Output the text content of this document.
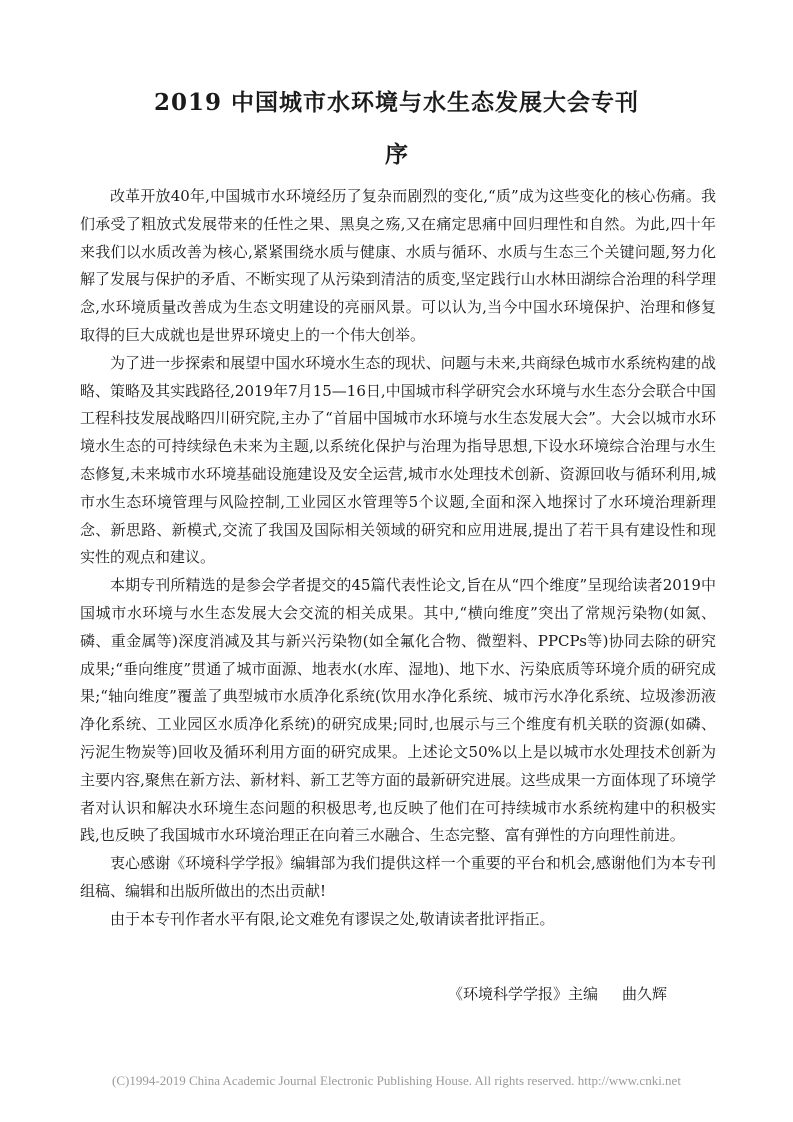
2019 中国城市水环境与水生态发展大会专刊
序

改革开放40年,中国城市水环境经历了复杂而剧烈的变化,“质”成为这些变化的核心伤痛。我们承受了粗放式发展带来的任性之果、黑臭之殇,又在痛定思痛中回归理性和自然。为此,四十年来我们以水质改善为核心,紧紧围绕水质与健康、水质与循环、水质与生态三个关键问题,努力化解了发展与保护的矛盾、不断实现了从污染到清洁的质变,坚定践行山水林田湖综合治理的科学理念,水环境质量改善成为生态文明建设的亮丽风景。可以认为,当今中国水环境保护、治理和修复取得的巨大成就也是世界环境史上的一个伟大创举。

为了进一步探索和展望中国水环境水生态的现状、问题与未来,共商绿色城市水系统构建的战略、策略及其实践路径,2019年7月15—16日,中国城市科学研究会水环境与水生态分会联合中国工程科技发展战略四川研究院,主办了“首届中国城市水环境与水生态发展大会”。大会以城市水环境水生态的可持续绿色未来为主题,以系统化保护与治理为指导思想,下设水环境综合治理与水生态修复,未来城市水环境基础设施建设及安全运营,城市水处理技术创新、资源回收与循环利用,城市水生态环境管理与风险控制,工业园区水管理等5个议题,全面和深入地探讨了水环境治理新理念、新思路、新模式,交流了我国及国际相关领域的研究和应用进展,提出了若干具有建设性和现实性的观点和建议。

本期专刊所精选的是参会学者提交的45篇代表性论文,旨在从“四个维度”呈现给读者2019中国城市水环境与水生态发展大会交流的相关成果。其中,“横向维度”突出了常规污染物(如氮、磷、重金属等)深度消减及其与新兴污染物(如全氟化合物、微塑料、PPCPs等)协同去除的研究成果;“垂向维度”贯通了城市面源、地表水(水库、湿地)、地下水、污染底质等环境介质的研究成果;“轴向维度”覆盖了典型城市水质净化系统(饮用水净化系统、城市污水净化系统、垃圾渗沥液净化系统、工业园区水质净化系统)的研究成果;同时,也展示与三个维度有机关联的资源(如磷、污泥生物炭等)回收及循环利用方面的研究成果。上述论文50%以上是以城市水处理技术创新为主要内容,聚焦在新方法、新材料、新工艺等方面的最新研究进展。这些成果一方面体现了环境学者对认识和解决水环境生态问题的积极思考,也反映了他们在可持续城市水系统构建中的积极实践,也反映了我国城市水环境治理正在向着三水融合、生态完整、富有弹性的方向理性前进。

衷心感谢《环境科学学报》编辑部为我们提供这样一个重要的平台和机会,感谢他们为本专刊组稿、编辑和出版所做出的杰出贡献!

由于本专刊作者水平有限,论文难免有谬误之处,敬请读者批评指正。

《环境科学学报》主编 曲久辉
(C)1994-2019 China Academic Journal Electronic Publishing House. All rights reserved. http://www.cnki.net
